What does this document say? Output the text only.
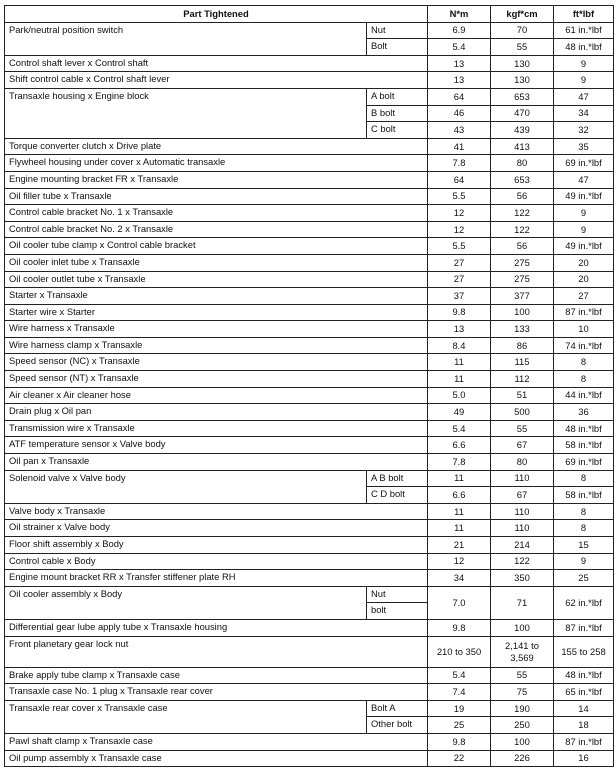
Part Tightened		N*m	kgf*cm	ft*lbf
Park/neutral position switch	Nut	6.9	70	61 in.*lbf
	Bolt	5.4	55	48 in.*lbf
Control shaft lever x Control shaft		13	130	9
Shift control cable x Control shaft lever		13	130	9
Transaxle housing x Engine block	A bolt	64	653	47
	B bolt	46	470	34
	C bolt	43	439	32
Torque converter clutch x Drive plate		41	413	35
Flywheel housing under cover x Automatic transaxle		7.8	80	69 in.*lbf
Engine mounting bracket FR x Transaxle		64	653	47
Oil filler tube x Transaxle		5.5	56	49 in.*lbf
Control cable bracket No. 1 x Transaxle		12	122	9
Control cable bracket No. 2 x Transaxle		12	122	9
Oil cooler tube clamp x Control cable bracket		5.5	56	49 in.*lbf
Oil cooler inlet tube x Transaxle		27	275	20
Oil cooler outlet tube x Transaxle		27	275	20
Starter x Transaxle		37	377	27
Starter wire x Starter		9.8	100	87 in.*lbf
Wire harness x Transaxle		13	133	10
Wire harness clamp x Transaxle		8.4	86	74 in.*lbf
Speed sensor (NC) x Transaxle		11	115	8
Speed sensor (NT) x Transaxle		11	112	8
Air cleaner x Air cleaner hose		5.0	51	44 in.*lbf
Drain plug x Oil pan		49	500	36
Transmission wire x Transaxle		5.4	55	48 in.*lbf
ATF temperature sensor x Valve body		6.6	67	58 in.*lbf
Oil pan x Transaxle		7.8	80	69 in.*lbf
Solenoid valve x Valve body	A B bolt	11	110	8
	C D bolt	6.6	67	58 in.*lbf
Valve body x Transaxle		11	110	8
Oil strainer x Valve body		11	110	8
Floor shift assembly x Body		21	214	15
Control cable x Body		12	122	9
Engine mount bracket RR x Transfer stiffener plate RH		34	350	25
Oil cooler assembly x Body	Nut	7.0	71	62 in.*lbf
	bolt			
Differential gear lube apply tube x Transaxle housing		9.8	100	87 in.*lbf
Front planetary gear lock nut		210 to 350	2,141 to 3,569	155 to 258
Brake apply tube clamp x Transaxle case		5.4	55	48 in.*lbf
Transaxle case No. 1 plug x Transaxle rear cover		7.4	75	65 in.*lbf
Transaxle rear cover x Transaxle case	Bolt A	19	190	14
	Other bolt	25	250	18
Pawl shaft clamp x Transaxle case		9.8	100	87 in.*lbf
Oil pump assembly x Transaxle case		22	226	16
